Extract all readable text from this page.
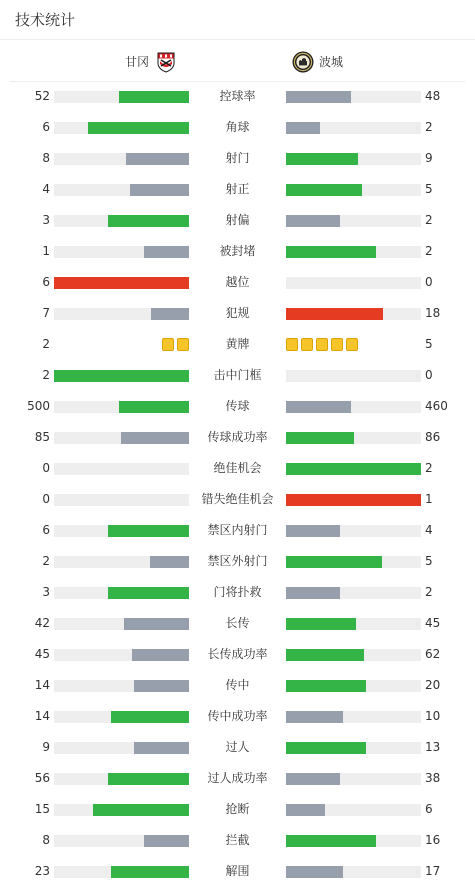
技术统计
甘冈	波城
52	控球率	48
6	角球	2
8	射门	9
4	射正	5
3	射偏	2
1	被封堵	2
6	越位	0
7	犯规	18
2	黄牌	5
2	击中门框	0
500	传球	460
85	传球成功率	86
0	绝佳机会	2
0	错失绝佳机会	1
6	禁区内射门	4
2	禁区外射门	5
3	门将扑救	2
42	长传	45
45	长传成功率	62
14	传中	20
14	传中成功率	10
9	过人	13
56	过人成功率	38
15	抢断	6
8	拦截	16
23	解围	17
